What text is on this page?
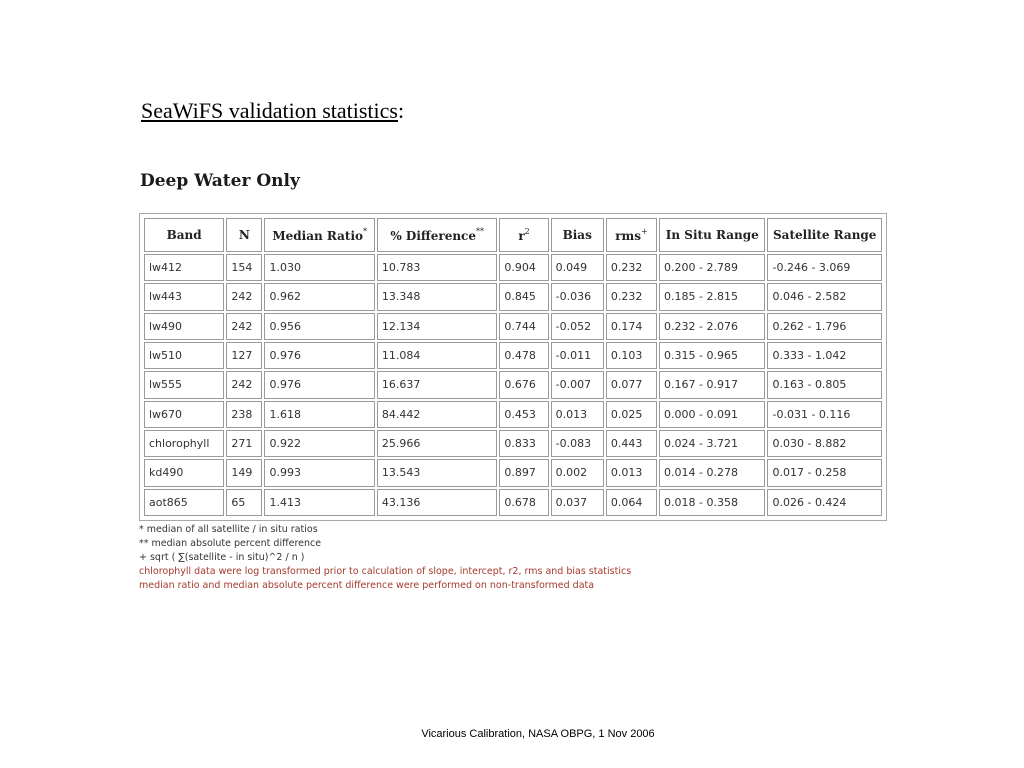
SeaWiFS validation statistics:
Deep Water Only
Band	N	Median Ratio*	% Difference**	$r^2$	Bias	rms+	In Situ Range	Satellite Range
lw412	154	1.030	10.783	0.904	0.049	0.232	0.200 - 2.789	-0.246 - 3.069
lw443	242	0.962	13.348	0.845	-0.036	0.232	0.185 - 2.815	0.046 - 2.582
lw490	242	0.956	12.134	0.744	-0.052	0.174	0.232 - 2.076	0.262 - 1.796
lw510	127	0.976	11.084	0.478	-0.011	0.103	0.315 - 0.965	0.333 - 1.042
lw555	242	0.976	16.637	0.676	-0.007	0.077	0.167 - 0.917	0.163 - 0.805
lw670	238	1.618	84.442	0.453	0.013	0.025	0.000 - 0.091	-0.031 - 0.116
chlorophyll	271	0.922	25.966	0.833	-0.083	0.443	0.024 - 3.721	0.030 - 8.882
kd490	149	0.993	13.543	0.897	0.002	0.013	0.014 - 0.278	0.017 - 0.258
aot865	65	1.413	43.136	0.678	0.037	0.064	0.018 - 0.358	0.026 - 0.424
* median of all satellite / in situ ratios
** median absolute percent difference
+ sqrt ( ∑(satellite - in situ)^2 / n )
chlorophyll data were log transformed prior to calculation of slope, intercept, r2, rms and bias statistics
median ratio and median absolute percent difference were performed on non-transformed data
Vicarious Calibration, NASA OBPG, 1 Nov 2006
